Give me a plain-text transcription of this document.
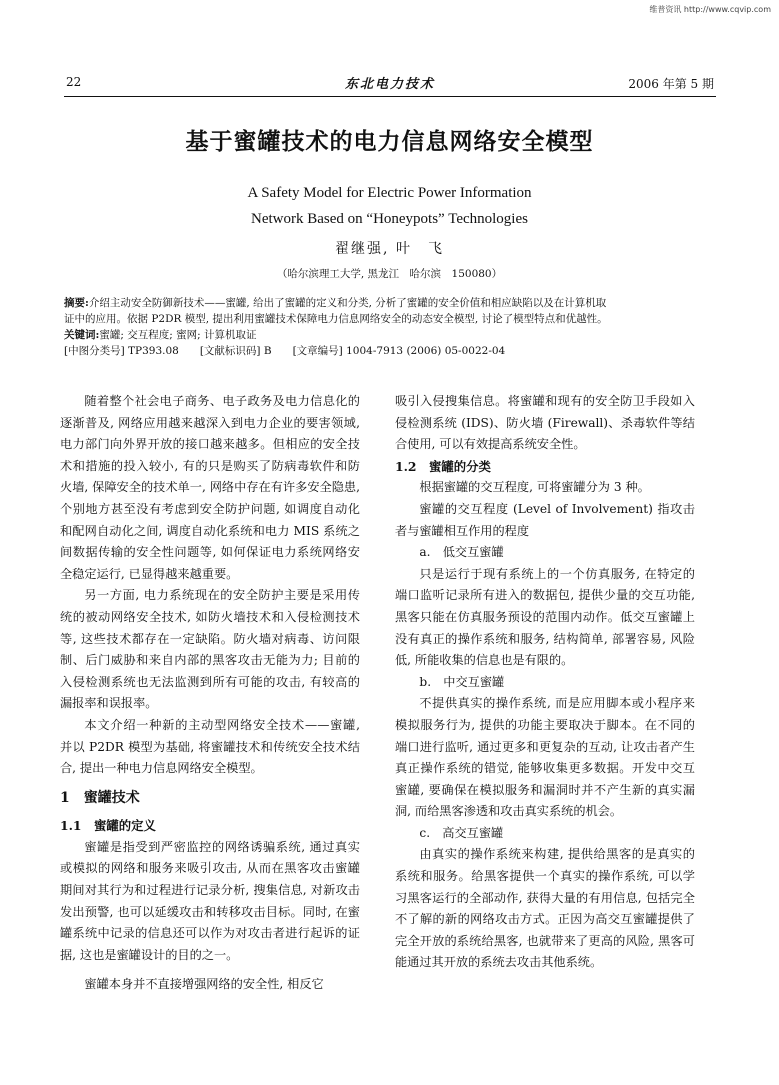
维普资讯 http://www.cqvip.com
22	东北电力技术	2006 年第 5 期
基于蜜罐技术的电力信息网络安全模型
A Safety Model for Electric Power Information
Network Based on “Honeypots” Technologies
翟继强, 叶　飞
（哈尔滨理工大学, 黑龙江　哈尔滨　150080）

摘要:介绍主动安全防御新技术——蜜罐, 给出了蜜罐的定义和分类, 分析了蜜罐的安全价值和相应缺陷以及在计算机取

证中的应用。依据 P2DR 模型, 提出利用蜜罐技术保障电力信息网络安全的动态安全模型, 讨论了模型特点和优越性。

关键词:蜜罐; 交互程度; 蜜网; 计算机取证

[中图分类号] TP393.08　　[文献标识码] B　　[文章编号] 1004-7913 (2006) 05-0022-04

随着整个社会电子商务、电子政务及电力信息化的逐渐普及, 网络应用越来越深入到电力企业的要害领域, 电力部门向外界开放的接口越来越多。但相应的安全技术和措施的投入较小, 有的只是购买了防病毒软件和防火墙, 保障安全的技术单一, 网络中存在有许多安全隐患, 个别地方甚至没有考虑到安全防护问题, 如调度自动化和配网自动化之间, 调度自动化系统和电力 MIS 系统之间数据传输的安全性问题等, 如何保证电力系统网络安全稳定运行, 已显得越来越重要。

另一方面, 电力系统现在的安全防护主要是采用传统的被动网络安全技术, 如防火墙技术和入侵检测技术等, 这些技术都存在一定缺陷。防火墙对病毒、访问限制、后门威胁和来自内部的黑客攻击无能为力; 目前的入侵检测系统也无法监测到所有可能的攻击, 有较高的漏报率和误报率。

本文介绍一种新的主动型网络安全技术——蜜罐, 并以 P2DR 模型为基础, 将蜜罐技术和传统安全技术结合, 提出一种电力信息网络安全模型。

1　蜜罐技术
1.1　蜜罐的定义

蜜罐是指受到严密监控的网络诱骗系统, 通过真实或模拟的网络和服务来吸引攻击, 从而在黑客攻击蜜罐期间对其行为和过程进行记录分析, 搜集信息, 对新攻击发出预警, 也可以延缓攻击和转移攻击目标。同时, 在蜜罐系统中记录的信息还可以作为对攻击者进行起诉的证据, 这也是蜜罐设计的目的之一。

蜜罐本身并不直接增强网络的安全性, 相反它

吸引入侵搜集信息。将蜜罐和现有的安全防卫手段如入侵检测系统 (IDS)、防火墙 (Firewall)、杀毒软件等结合使用, 可以有效提高系统安全性。

1.2　蜜罐的分类

根据蜜罐的交互程度, 可将蜜罐分为 3 种。

蜜罐的交互程度 (Level of Involvement) 指攻击者与蜜罐相互作用的程度

a.　低交互蜜罐

只是运行于现有系统上的一个仿真服务, 在特定的端口监听记录所有进入的数据包, 提供少量的交互功能, 黑客只能在仿真服务预设的范围内动作。低交互蜜罐上没有真正的操作系统和服务, 结构简单, 部署容易, 风险低, 所能收集的信息也是有限的。

b.　中交互蜜罐

不提供真实的操作系统, 而是应用脚本或小程序来模拟服务行为, 提供的功能主要取决于脚本。在不同的端口进行监听, 通过更多和更复杂的互动, 让攻击者产生真正操作系统的错觉, 能够收集更多数据。开发中交互蜜罐, 要确保在模拟服务和漏洞时并不产生新的真实漏洞, 而给黑客渗透和攻击真实系统的机会。

c.　高交互蜜罐

由真实的操作系统来构建, 提供给黑客的是真实的系统和服务。给黑客提供一个真实的操作系统, 可以学习黑客运行的全部动作, 获得大量的有用信息, 包括完全不了解的新的网络攻击方式。正因为高交互蜜罐提供了完全开放的系统给黑客, 也就带来了更高的风险, 黑客可能通过其开放的系统去攻击其他系统。
